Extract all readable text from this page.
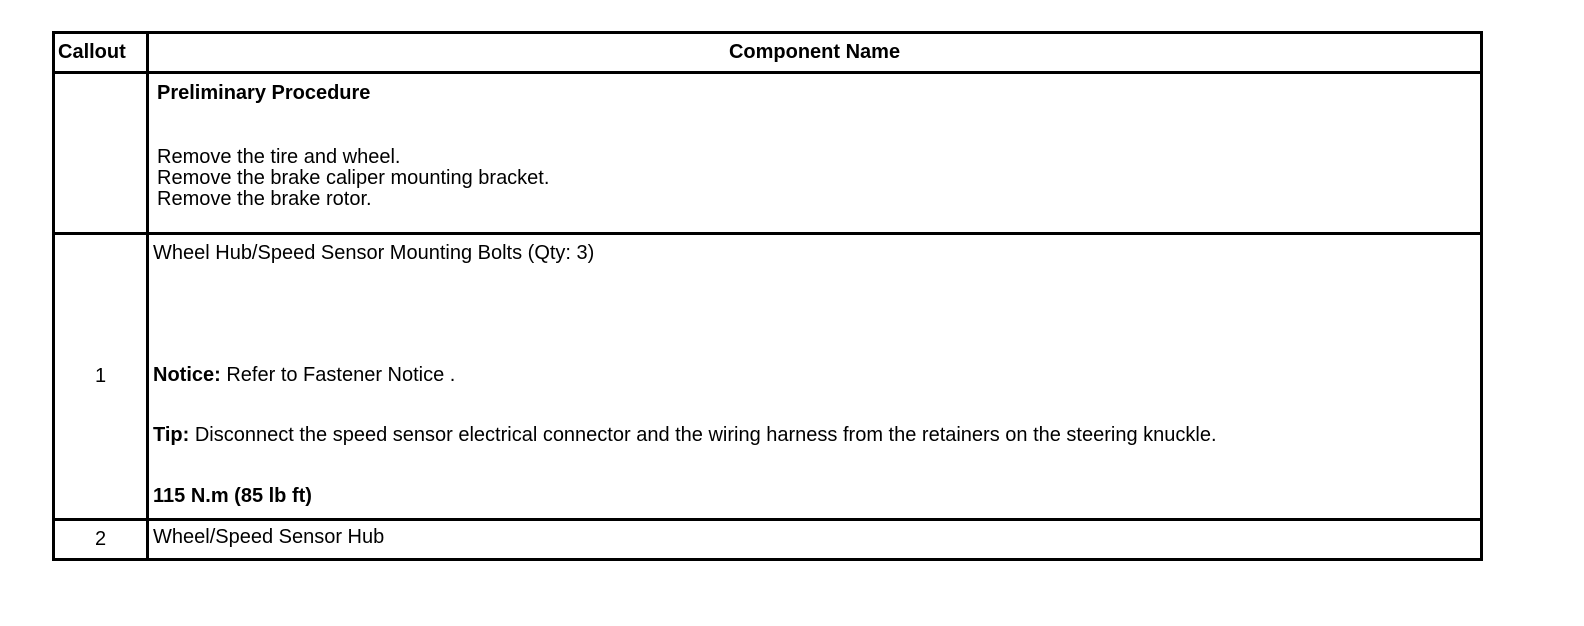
Callout	Component Name

	Preliminary Procedure
Remove the tire and wheel.
Remove the brake caliper mounting bracket.
Remove the brake rotor.

1	Wheel Hub/Speed Sensor Mounting Bolts (Qty: 3)
Notice: Refer to Fastener Notice .
Tip: Disconnect the speed sensor electrical connector and the wiring harness from the retainers on the steering knuckle.
115 N.m (85 lb ft)

2	Wheel/Speed Sensor Hub
